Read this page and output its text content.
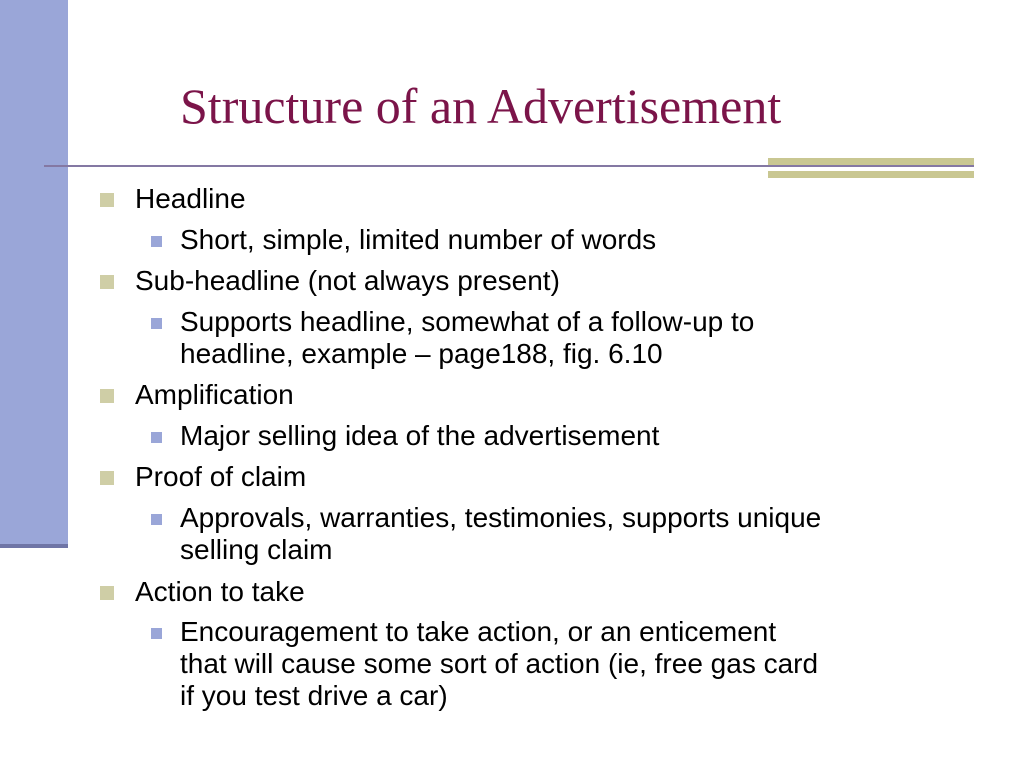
Structure of an Advertisement
Headline
Short, simple, limited number of words
Sub-headline (not always present)
Supports headline, somewhat of a follow-up to
headline, example – page188, fig. 6.10
Amplification
Major selling idea of the advertisement
Proof of claim
Approvals, warranties, testimonies, supports unique
selling claim
Action to take
Encouragement to take action, or an enticement
that will cause some sort of action (ie, free gas card
if you test drive a car)
